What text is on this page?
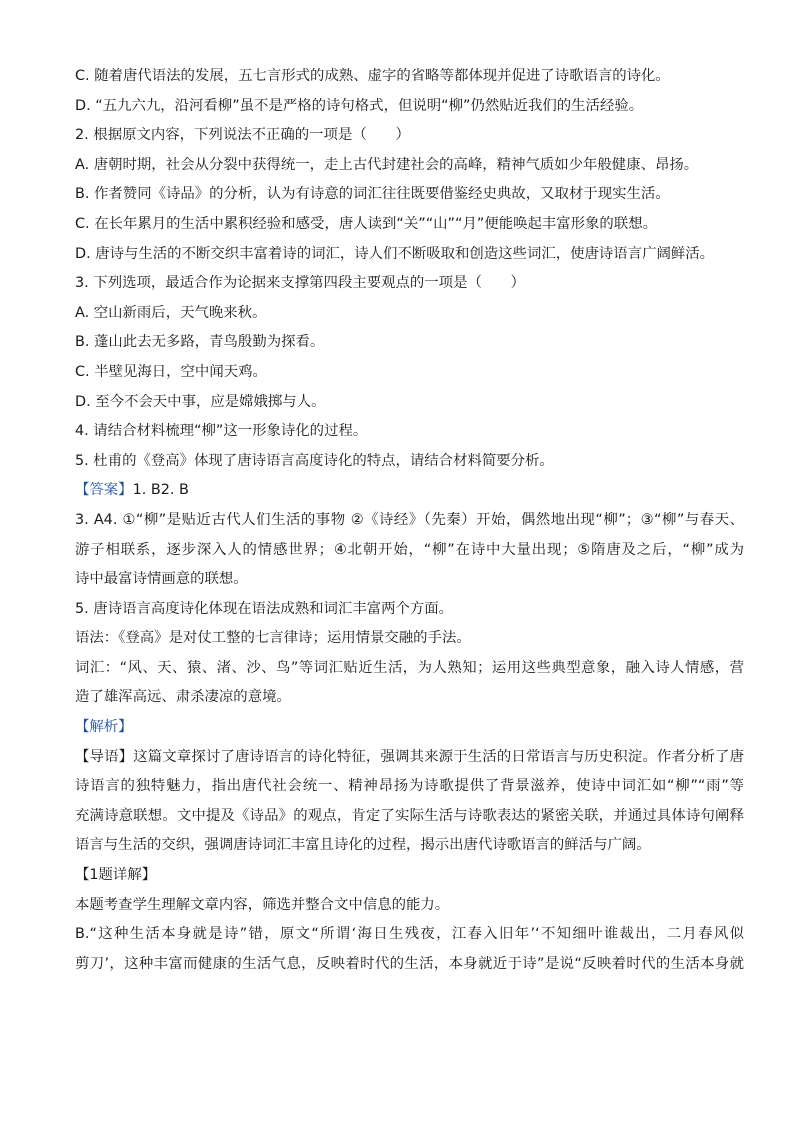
C. 随着唐代语法的发展，五七言形式的成熟、虚字的省略等都体现并促进了诗歌语言的诗化。
D. “五九六九，沿河看柳”虽不是严格的诗句格式，但说明“柳”仍然贴近我们的生活经验。
2. 根据原文内容，下列说法不正确的一项是（　　）
A. 唐朝时期，社会从分裂中获得统一，走上古代封建社会的高峰，精神气质如少年般健康、昂扬。
B. 作者赞同《诗品》的分析，认为有诗意的词汇往往既要借鉴经史典故，又取材于现实生活。
C. 在长年累月的生活中累积经验和感受，唐人读到“关”“山”“月”便能唤起丰富形象的联想。
D. 唐诗与生活的不断交织丰富着诗的词汇，诗人们不断吸取和创造这些词汇，使唐诗语言广阔鲜活。
3. 下列选项，最适合作为论据来支撑第四段主要观点的一项是（　　）
A. 空山新雨后，天气晚来秋。
B. 蓬山此去无多路，青鸟殷勤为探看。
C. 半壁见海日，空中闻天鸡。
D. 至今不会天中事，应是嫦娥掷与人。
4. 请结合材料梳理“柳”这一形象诗化的过程。
5. 杜甫的《登高》体现了唐诗语言高度诗化的特点，请结合材料简要分析。
【答案】1. B2. B
3. A4. ①“柳”是贴近古代人们生活的事物 ②《诗经》（先秦）开始，偶然地出现“柳”；③“柳”与春天、
游子相联系，逐步深入人的情感世界；④北朝开始，“柳”在诗中大量出现；⑤隋唐及之后，“柳”成为
诗中最富诗情画意的联想。
5. 唐诗语言高度诗化体现在语法成熟和词汇丰富两个方面。
语法：《登高》是对仗工整的七言律诗；运用情景交融的手法。
词汇：“风、天、猿、渚、沙、鸟”等词汇贴近生活，为人熟知；运用这些典型意象，融入诗人情感，营
造了雄浑高远、肃杀凄凉的意境。
【解析】
【导语】这篇文章探讨了唐诗语言的诗化特征，强调其来源于生活的日常语言与历史积淀。作者分析了唐
诗语言的独特魅力，指出唐代社会统一、精神昂扬为诗歌提供了背景滋养，使诗中词汇如“柳”“雨”等
充满诗意联想。文中提及《诗品》的观点，肯定了实际生活与诗歌表达的紧密关联，并通过具体诗句阐释
语言与生活的交织，强调唐诗词汇丰富且诗化的过程，揭示出唐代诗歌语言的鲜活与广阔。
【1题详解】
本题考查学生理解文章内容，筛选并整合文中信息的能力。
B.“这种生活本身就是诗”错，原文“所谓‘海日生残夜，江春入旧年’‘不知细叶谁裁出，二月春风似
剪刀’，这种丰富而健康的生活气息，反映着时代的生活，本身就近于诗”是说“反映着时代的生活本身就
